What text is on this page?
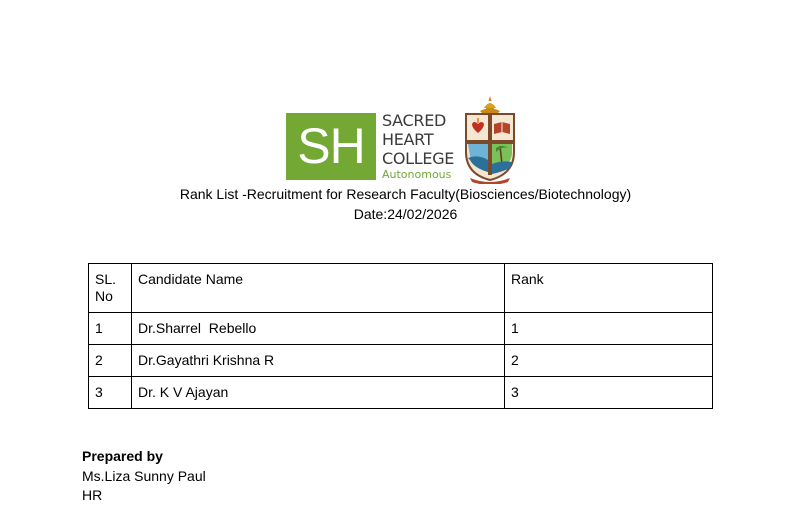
SH	SACRED
HEART
COLLEGE
Autonomous
Rank List -Recruitment for Research Faculty(Biosciences/Biotechnology)
Date:24/02/2026
SL.
No	Candidate Name	Rank
1	Dr.Sharrel  Rebello	1
2	Dr.Gayathri Krishna R	2
3	Dr. K V Ajayan	3
Prepared by
Ms.Liza Sunny Paul
HR
